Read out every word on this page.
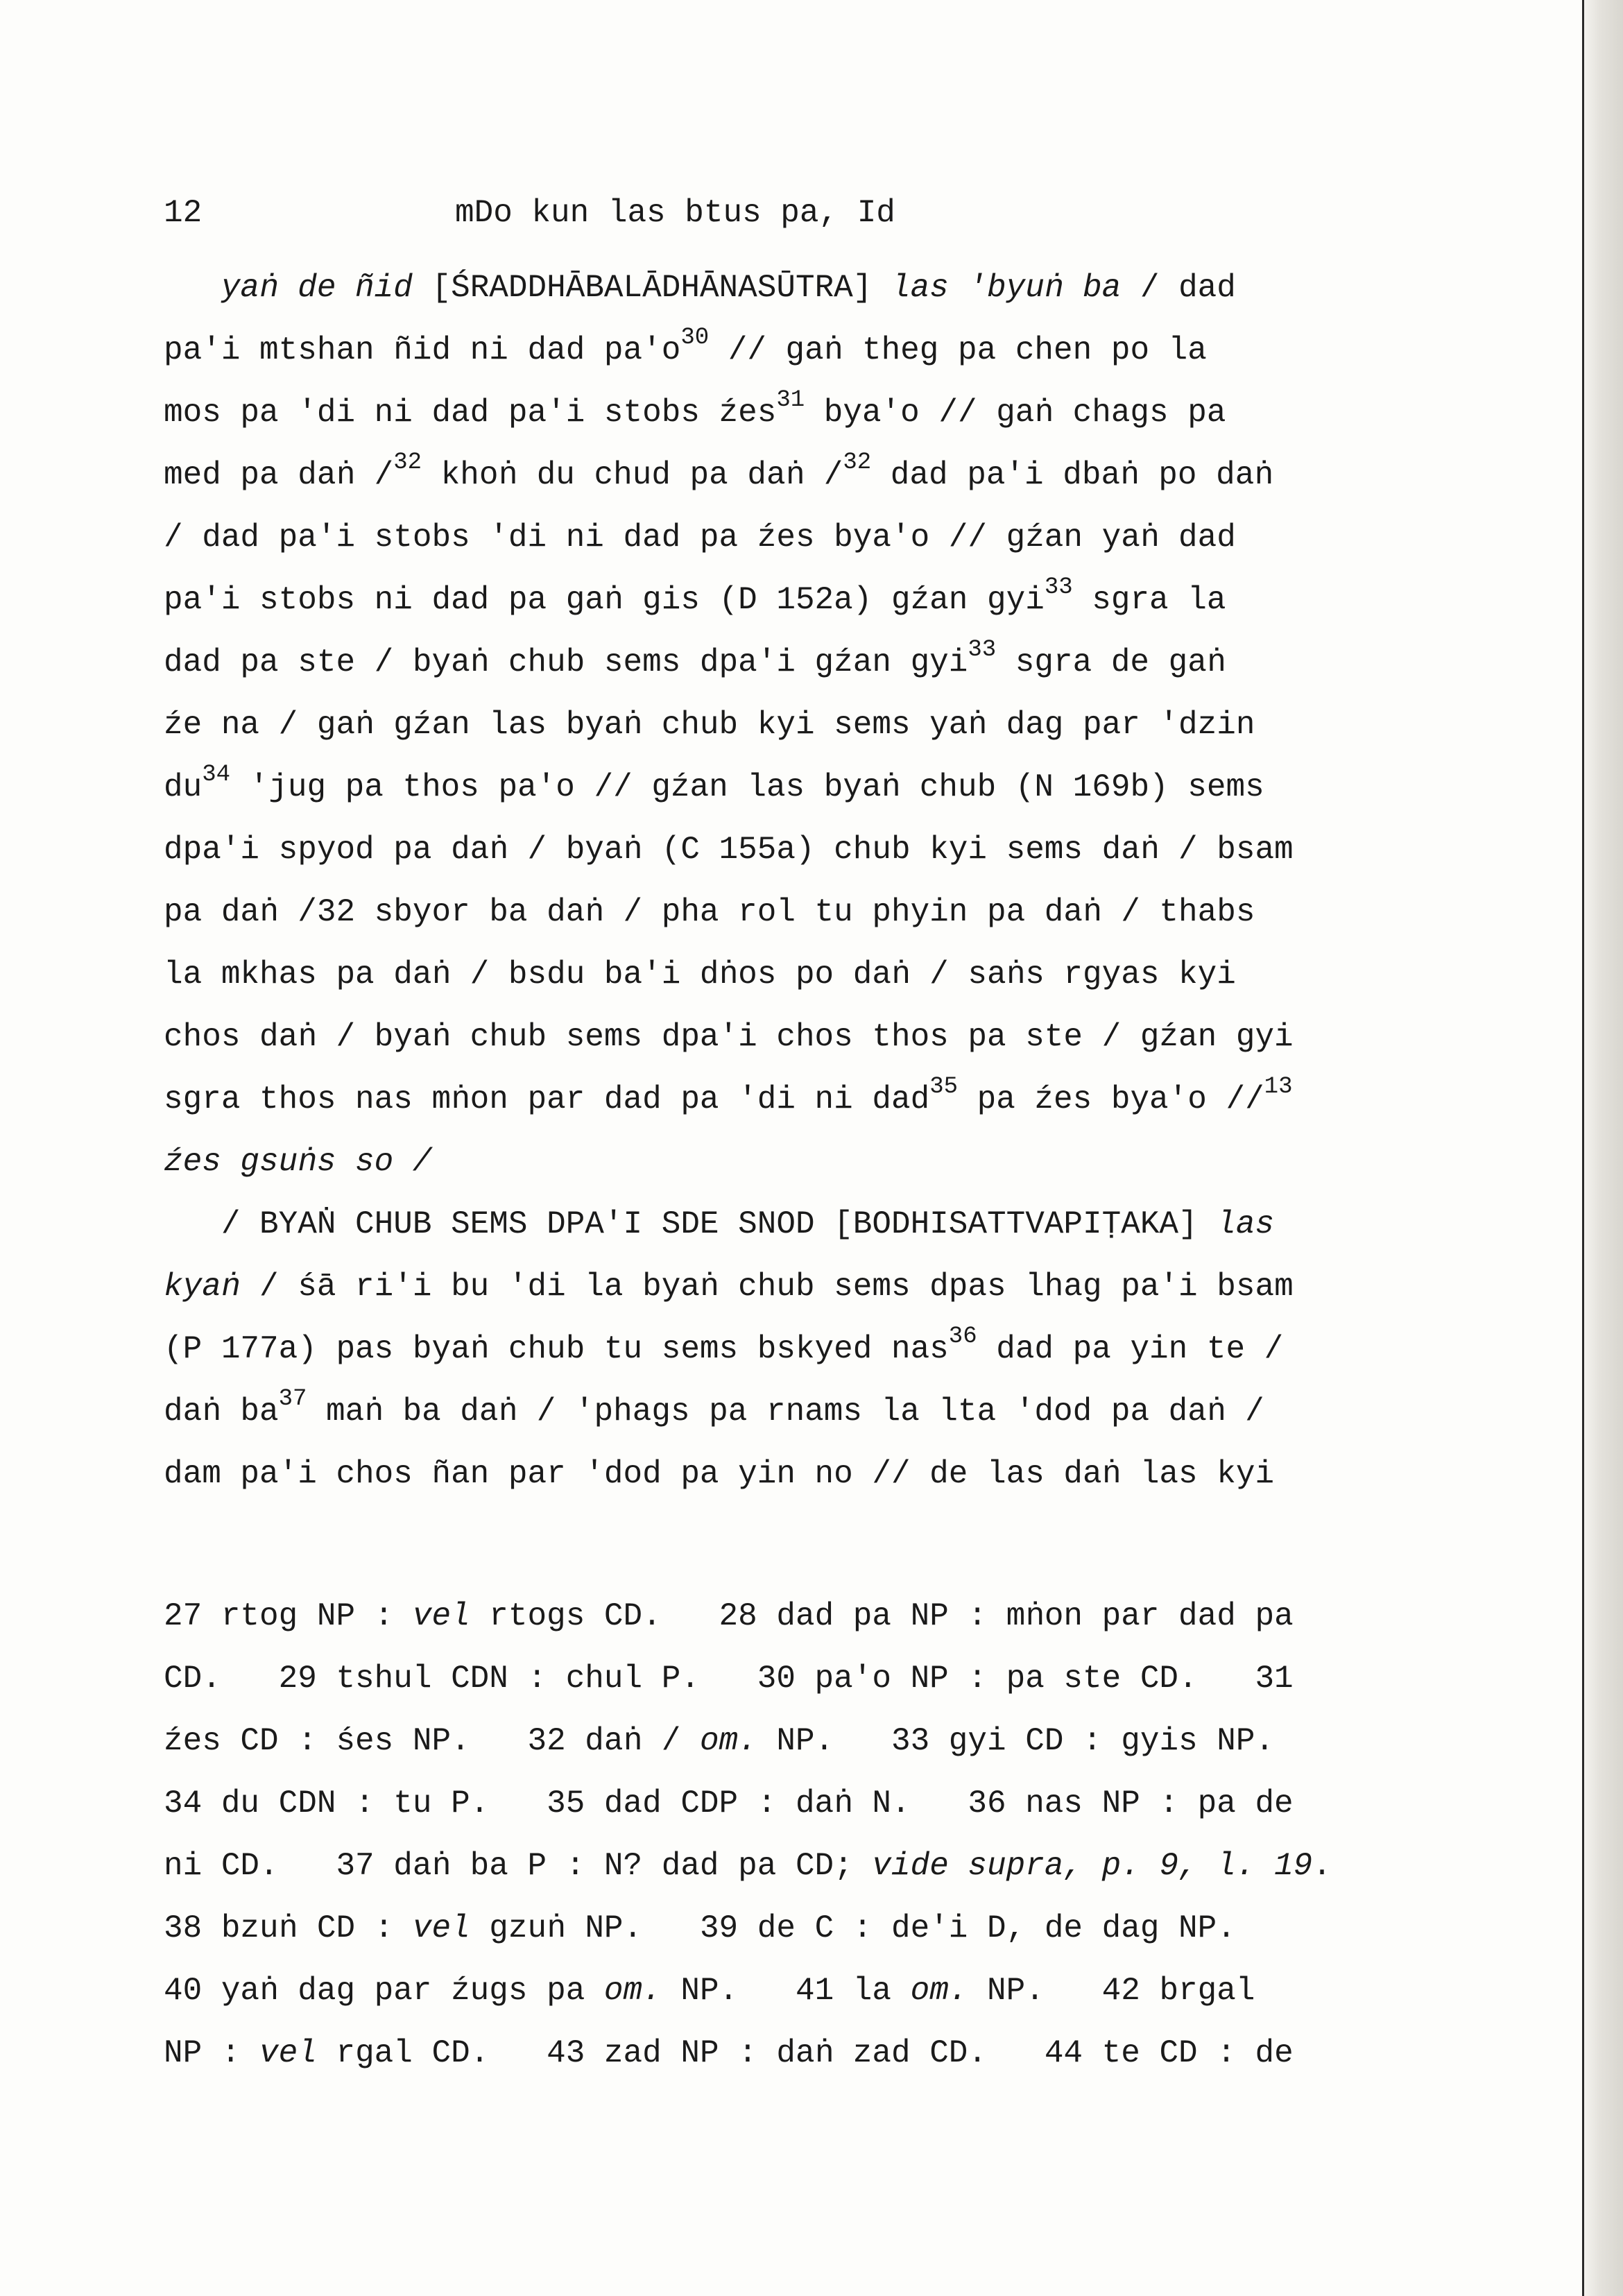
12	mDo kun las btus pa, Id
yaṅ de ñid [ŚRADDHĀBALĀDHĀNASŪTRA] las 'byuṅ ba / dad
pa'i mtshan ñid ni dad $pa'o^{30}$ // gaṅ theg pa chen po la
mos pa 'di ni dad pa'i stobs źes$^{31}$ bya'o // gaṅ chags pa
med pa daṅ /$^{32}$ khoṅ du chud pa daṅ /$^{32}$ dad pa'i dbaṅ po daṅ
/ dad pa'i stobs 'di ni dad pa źes bya'o // gźan yaṅ dad
pa'i stobs ni dad pa gaṅ gis (D 152a) gźan gyi$^{33}$ sgra la
dad pa ste / byaṅ chub sems dpa'i gźan gyi$^{33}$ sgra de gaṅ
źe na / gaṅ gźan las byaṅ chub kyi sems yaṅ dag par 'dzin
$du^{34}$ 'jug pa thos pa'o // gźan las byaṅ chub (N 169b) sems
dpa'i spyod pa daṅ / byaṅ (C 155a) chub kyi sems daṅ / bsam
pa daṅ /32 sbyor ba daṅ / pha rol tu phyin pa daṅ / thabs
la mkhas pa daṅ / bsdu ba'i dṅos po daṅ / saṅs rgyas kyi
chos daṅ / byaṅ chub sems dpa'i chos thos pa ste / gźan gyi
sgra thos nas mṅon par dad pa 'di ni dad$^{35}$ pa źes bya'o //$^{13}$
źes gsuṅs so /
/ BYAṄ CHUB SEMS DPA'I SDE SNOD [BODHISATTVAPIṬAKA] las
kyaṅ / śā ri'i bu 'di la byaṅ chub sems dpas lhag pa'i bsam
(P 177a) pas byaṅ chub tu sems bskyed nas$^{36}$ dad pa yin te /
daṅ $ba^{37}$ maṅ ba daṅ / 'phags pa rnams la lta 'dod pa daṅ /
dam pa'i chos ñan par 'dod pa yin no // de las daṅ las kyi
27 rtog NP : vel rtogs CD.   28 dad pa NP : mṅon par dad pa
CD.   29 tshul CDN : chul P.   30 pa'o NP : pa ste CD.   31
źes CD : śes NP.   32 daṅ / om. NP.   33 gyi CD : gyis NP.
34 du CDN : tu P.   35 dad CDP : daṅ N.   36 nas NP : pa de
ni CD.   37 daṅ ba P : N? dad pa CD; vide supra, p. 9, l. 19.
38 bzuṅ CD : vel gzuṅ NP.   39 de C : de'i D, de dag NP.
40 yaṅ dag par źugs pa om. NP.   41 la om. NP.   42 brgal
NP : vel rgal CD.   43 zad NP : daṅ zad CD.   44 te CD : de
